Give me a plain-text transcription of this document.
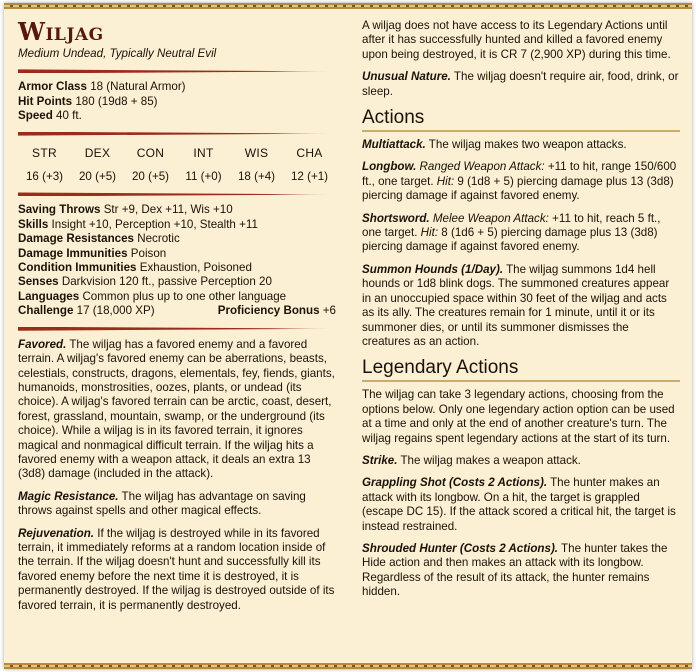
Wiljag
Medium Undead, Typically Neutral Evil
Armor Class 18 (Natural Armor)
Hit Points 180 (19d8 + 85)
Speed 40 ft.
STR
16 (+3)
DEX
20 (+5)
CON
20 (+5)
INT
11 (+0)
WIS
18 (+4)
CHA
12 (+1)
Saving Throws Str +9, Dex +11, Wis +10
Skills Insight +10, Perception +10, Stealth +11
Damage Resistances Necrotic
Damage Immunities Poison
Condition Immunities Exhaustion, Poisoned
Senses Darkvision 120 ft., passive Perception 20
Languages Common plus up to one other language
Challenge 17 (18,000 XP)	Proficiency Bonus +6
Favored. The wiljag has a favored enemy and a favored terrain. A wiljag's favored enemy can be aberrations, beasts, celestials, constructs, dragons, elementals, fey, fiends, giants, humanoids, monstrosities, oozes, plants, or undead (its choice). A wiljag's favored terrain can be arctic, coast, desert, forest, grassland, mountain, swamp, or the underground (its choice). While a wiljag is in its favored terrain, it ignores magical and nonmagical difficult terrain. If the wiljag hits a favored enemy with a weapon attack, it deals an extra 13 (3d8) damage (included in the attack).
Magic Resistance. The wiljag has advantage on saving throws against spells and other magical effects.
Rejuvenation. If the wiljag is destroyed while in its favored terrain, it immediately reforms at a random location inside of the terrain. If the wiljag doesn't hunt and successfully kill its favored enemy before the next time it is destroyed, it is permanently destroyed. If the wiljag is destroyed outside of its favored terrain, it is permanently destroyed.
A wiljag does not have access to its Legendary Actions until after it has successfully hunted and killed a favored enemy upon being destroyed, it is CR 7 (2,900 XP) during this time.
Unusual Nature. The wiljag doesn't require air, food, drink, or sleep.
Actions
Multiattack. The wiljag makes two weapon attacks.
Longbow. Ranged Weapon Attack: +11 to hit, range 150/600 ft., one target. Hit: 9 (1d8 + 5) piercing damage plus 13 (3d8) piercing damage if against favored enemy.
Shortsword. Melee Weapon Attack: +11 to hit, reach 5 ft., one target. Hit: 8 (1d6 + 5) piercing damage plus 13 (3d8) piercing damage if against favored enemy.
Summon Hounds (1/Day). The wiljag summons 1d4 hell hounds or 1d8 blink dogs. The summoned creatures appear in an unoccupied space within 30 feet of the wiljag and acts as its ally. The creatures remain for 1 minute, until it or its summoner dies, or until its summoner dismisses the creatures as an action.
Legendary Actions
The wiljag can take 3 legendary actions, choosing from the options below. Only one legendary action option can be used at a time and only at the end of another creature's turn. The wiljag regains spent legendary actions at the start of its turn.
Strike. The wiljag makes a weapon attack.
Grappling Shot (Costs 2 Actions). The hunter makes an attack with its longbow. On a hit, the target is grappled (escape DC 15). If the attack scored a critical hit, the target is instead restrained.
Shrouded Hunter (Costs 2 Actions). The hunter takes the Hide action and then makes an attack with its longbow. Regardless of the result of its attack, the hunter remains hidden.
